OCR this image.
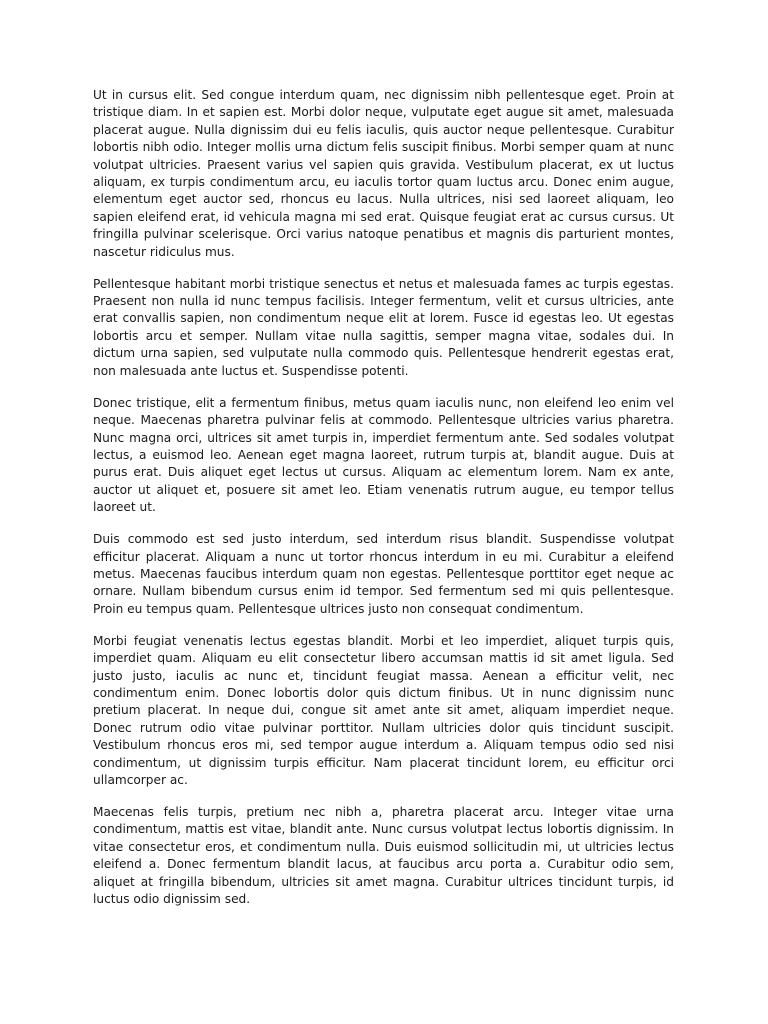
Ut in cursus elit. Sed congue interdum quam, nec dignissim nibh pellentesque eget. Proin at tristique diam. In et sapien est. Morbi dolor neque, vulputate eget augue sit amet, malesuada placerat augue. Nulla dignissim dui eu felis iaculis, quis auctor neque pellentesque. Curabitur lobortis nibh odio. Integer mollis urna dictum felis suscipit finibus. Morbi semper quam at nunc volutpat ultricies. Praesent varius vel sapien quis gravida. Vestibulum placerat, ex ut luctus aliquam, ex turpis condimentum arcu, eu iaculis tortor quam luctus arcu. Donec enim augue, elementum eget auctor sed, rhoncus eu lacus. Nulla ultrices, nisi sed laoreet aliquam, leo sapien eleifend erat, id vehicula magna mi sed erat. Quisque feugiat erat ac cursus cursus. Ut fringilla pulvinar scelerisque. Orci varius natoque penatibus et magnis dis parturient montes, nascetur ridiculus mus.

Pellentesque habitant morbi tristique senectus et netus et malesuada fames ac turpis egestas. Praesent non nulla id nunc tempus facilisis. Integer fermentum, velit et cursus ultricies, ante erat convallis sapien, non condimentum neque elit at lorem. Fusce id egestas leo. Ut egestas lobortis arcu et semper. Nullam vitae nulla sagittis, semper magna vitae, sodales dui. In dictum urna sapien, sed vulputate nulla commodo quis. Pellentesque hendrerit egestas erat, non malesuada ante luctus et. Suspendisse potenti.

Donec tristique, elit a fermentum finibus, metus quam iaculis nunc, non eleifend leo enim vel neque. Maecenas pharetra pulvinar felis at commodo. Pellentesque ultricies varius pharetra. Nunc magna orci, ultrices sit amet turpis in, imperdiet fermentum ante. Sed sodales volutpat lectus, a euismod leo. Aenean eget magna laoreet, rutrum turpis at, blandit augue. Duis at purus erat. Duis aliquet eget lectus ut cursus. Aliquam ac elementum lorem. Nam ex ante, auctor ut aliquet et, posuere sit amet leo. Etiam venenatis rutrum augue, eu tempor tellus laoreet ut.

Duis commodo est sed justo interdum, sed interdum risus blandit. Suspendisse volutpat efficitur placerat. Aliquam a nunc ut tortor rhoncus interdum in eu mi. Curabitur a eleifend metus. Maecenas faucibus interdum quam non egestas. Pellentesque porttitor eget neque ac ornare. Nullam bibendum cursus enim id tempor. Sed fermentum sed mi quis pellentesque. Proin eu tempus quam. Pellentesque ultrices justo non consequat condimentum.

Morbi feugiat venenatis lectus egestas blandit. Morbi et leo imperdiet, aliquet turpis quis, imperdiet quam. Aliquam eu elit consectetur libero accumsan mattis id sit amet ligula. Sed justo justo, iaculis ac nunc et, tincidunt feugiat massa. Aenean a efficitur velit, nec condimentum enim. Donec lobortis dolor quis dictum finibus. Ut in nunc dignissim nunc pretium placerat. In neque dui, congue sit amet ante sit amet, aliquam imperdiet neque. Donec rutrum odio vitae pulvinar porttitor. Nullam ultricies dolor quis tincidunt suscipit. Vestibulum rhoncus eros mi, sed tempor augue interdum a. Aliquam tempus odio sed nisi condimentum, ut dignissim turpis efficitur. Nam placerat tincidunt lorem, eu efficitur orci ullamcorper ac.

Maecenas felis turpis, pretium nec nibh a, pharetra placerat arcu. Integer vitae urna condimentum, mattis est vitae, blandit ante. Nunc cursus volutpat lectus lobortis dignissim. In vitae consectetur eros, et condimentum nulla. Duis euismod sollicitudin mi, ut ultricies lectus eleifend a. Donec fermentum blandit lacus, at faucibus arcu porta a. Curabitur odio sem, aliquet at fringilla bibendum, ultricies sit amet magna. Curabitur ultrices tincidunt turpis, id luctus odio dignissim sed.
